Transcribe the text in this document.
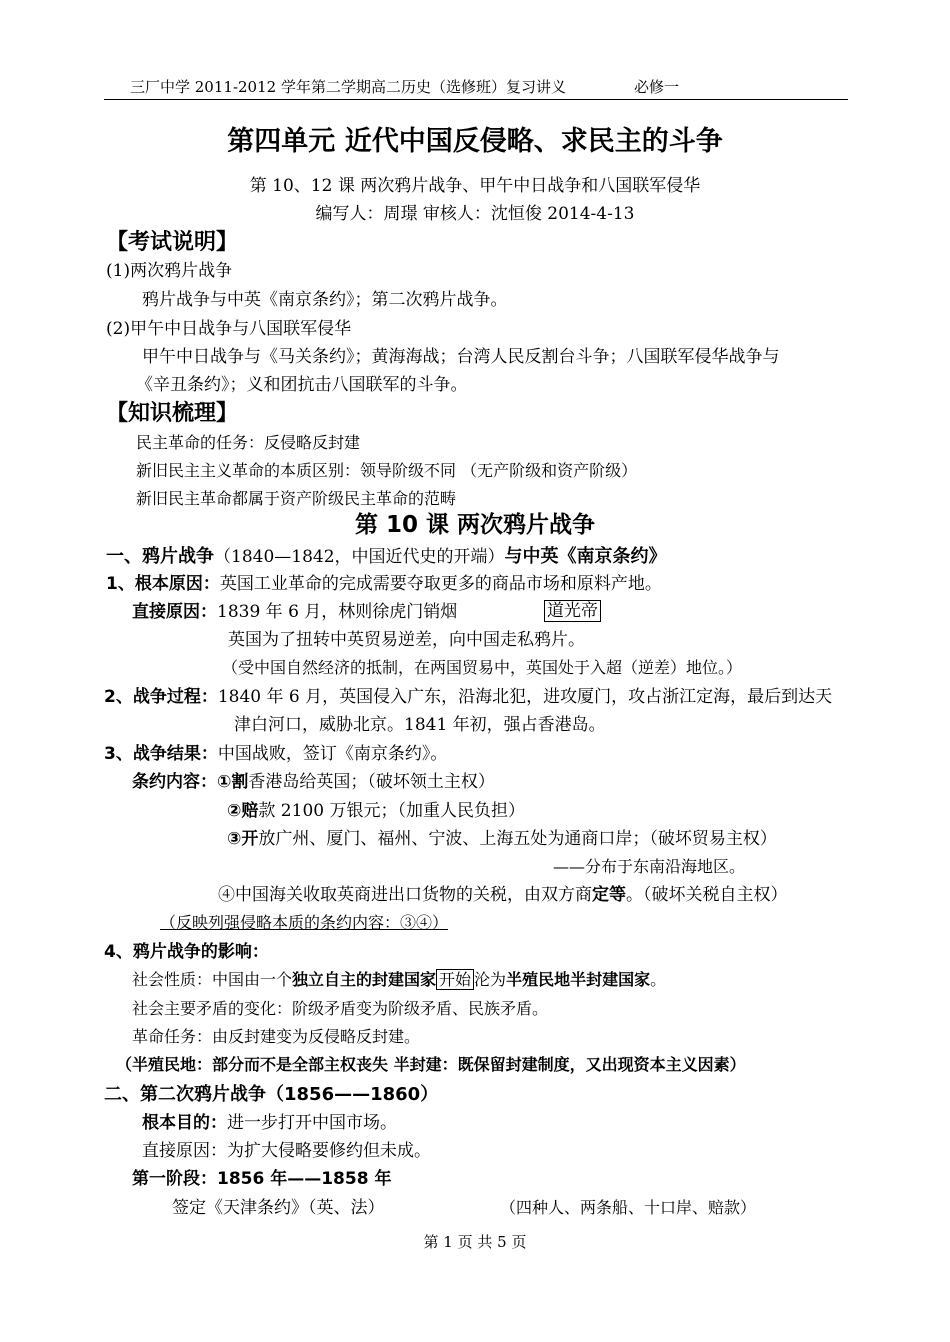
三厂中学 2011-2012 学年第二学期高二历史（选修班）复习讲义	必修一
第四单元 近代中国反侵略、求民主的斗争
第 10、12 课 两次鸦片战争、甲午中日战争和八国联军侵华
编写人：周璟 审核人：沈恒俊 2014-4-13
【考试说明】
(1)两次鸦片战争
鸦片战争与中英《南京条约》；第二次鸦片战争。
(2)甲午中日战争与八国联军侵华
甲午中日战争与《马关条约》；黄海海战；台湾人民反割台斗争；八国联军侵华战争与
《辛丑条约》；义和团抗击八国联军的斗争。
【知识梳理】
民主革命的任务：反侵略反封建
新旧民主主义革命的本质区别：领导阶级不同 （无产阶级和资产阶级）
新旧民主革命都属于资产阶级民主革命的范畴
第 10 课 两次鸦片战争
一、鸦片战争（1840—1842，中国近代史的开端）与中英《南京条约》
1、根本原因：英国工业革命的完成需要夺取更多的商品市场和原料产地。
直接原因：1839 年 6 月，林则徐虎门销烟	道光帝
英国为了扭转中英贸易逆差，向中国走私鸦片。
（受中国自然经济的抵制，在两国贸易中，英国处于入超（逆差）地位。）
2、战争过程：1840 年 6 月，英国侵入广东，沿海北犯，进攻厦门，攻占浙江定海，最后到达天
津白河口，威胁北京。1841 年初，强占香港岛。
3、战争结果：中国战败，签订《南京条约》。
条约内容：①割香港岛给英国；（破坏领土主权）
②赔款 2100 万银元；（加重人民负担）
③开放广州、厦门、福州、宁波、上海五处为通商口岸；（破坏贸易主权）
——分布于东南沿海地区。
④中国海关收取英商进出口货物的关税，由双方商定等。（破坏关税自主权）
（反映列强侵略本质的条约内容：③④）
4、鸦片战争的影响：
社会性质：中国由一个独立自主的封建国家 开始 沦为半殖民地半封建国家。
社会主要矛盾的变化：阶级矛盾变为阶级矛盾、民族矛盾。
革命任务：由反封建变为反侵略反封建。
（半殖民地：部分而不是全部主权丧失 半封建：既保留封建制度，又出现资本主义因素）
二、第二次鸦片战争（1856——1860）
根本目的：进一步打开中国市场。
直接原因：为扩大侵略要修约但未成。
第一阶段：1856 年——1858 年
签定《天津条约》（英、法）	（四种人、两条船、十口岸、赔款）
第 1 页 共 5 页
